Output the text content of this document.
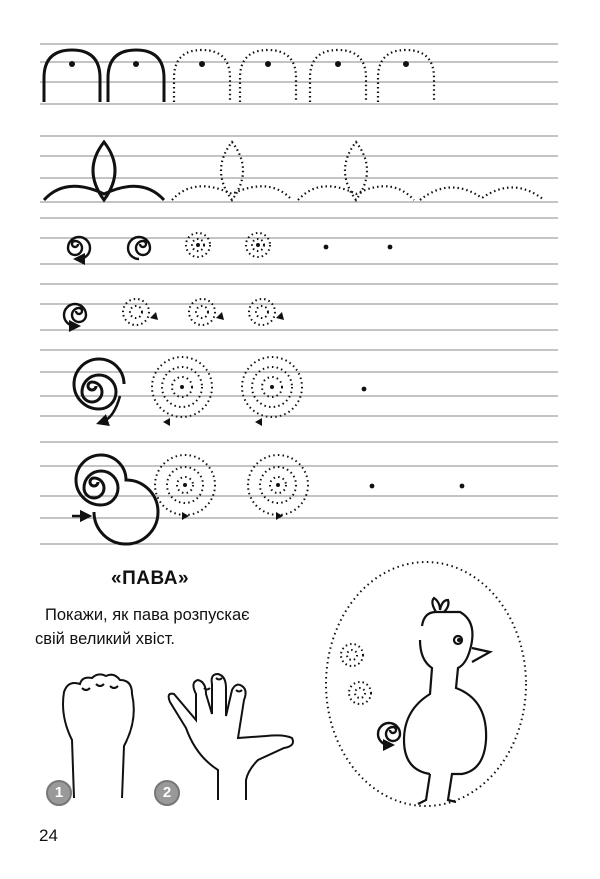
«ПАВА»
Покажи, як пава розпускає
свій великий хвіст.
1	2
24
